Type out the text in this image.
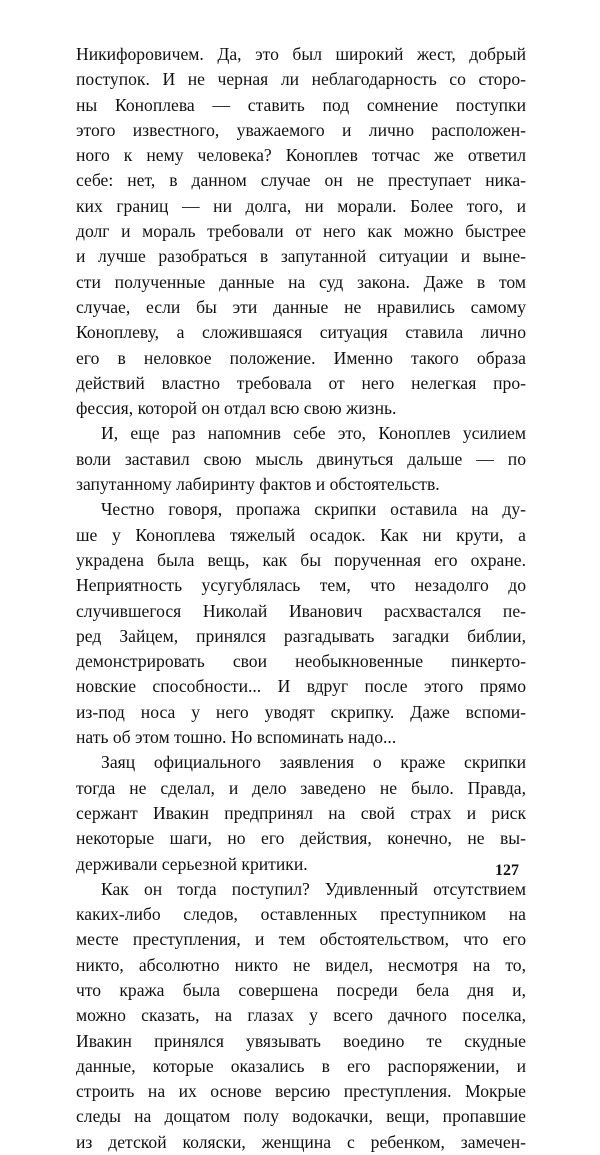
Никифоровичем. Да, это был широкий жест, добрый
поступок. И не черная ли неблагодарность со сторо-
ны Коноплева — ставить под сомнение поступки
этого известного, уважаемого и лично расположен-
ного к нему человека? Коноплев тотчас же ответил
себе: нет, в данном случае он не преступает ника-
ких границ — ни долга, ни морали. Более того, и
долг и мораль требовали от него как можно быстрее
и лучше разобраться в запутанной ситуации и выне-
сти полученные данные на суд закона. Даже в том
случае, если бы эти данные не нравились самому
Коноплеву, а сложившаяся ситуация ставила лично
его в неловкое положение. Именно такого образа
действий властно требовала от него нелегкая про-
фессия, которой он отдал всю свою жизнь.

И, еще раз напомнив себе это, Коноплев усилием
воли заставил свою мысль двинуться дальше — по
запутанному лабиринту фактов и обстоятельств.

Честно говоря, пропажа скрипки оставила на ду-
ше у Коноплева тяжелый осадок. Как ни крути, а
украдена была вещь, как бы порученная его охране.
Неприятность усугублялась тем, что незадолго до
случившегося Николай Иванович расхвастался пе-
ред Зайцем, принялся разгадывать загадки библии,
демонстрировать свои необыкновенные пинкерто-
новские способности... И вдруг после этого прямо
из-под носа у него уводят скрипку. Даже вспоми-
нать об этом тошно. Но вспоминать надо...

Заяц официального заявления о краже скрипки
тогда не сделал, и дело заведено не было. Правда,
сержант Ивакин предпринял на свой страх и риск
некоторые шаги, но его действия, конечно, не вы-
держивали серьезной критики.

Как он тогда поступил? Удивленный отсутствием
каких-либо следов, оставленных преступником на
месте преступления, и тем обстоятельством, что его
никто, абсолютно никто не видел, несмотря на то,
что кража была совершена посреди бела дня и,
можно сказать, на глазах у всего дачного поселка,
Ивакин принялся увязывать воедино те скудные
данные, которые оказались в его распоряжении, и
строить на их основе версию преступления. Мокрые
следы на дощатом полу водокачки, вещи, пропавшие
из детской коляски, женщина с ребенком, замечен-

127
